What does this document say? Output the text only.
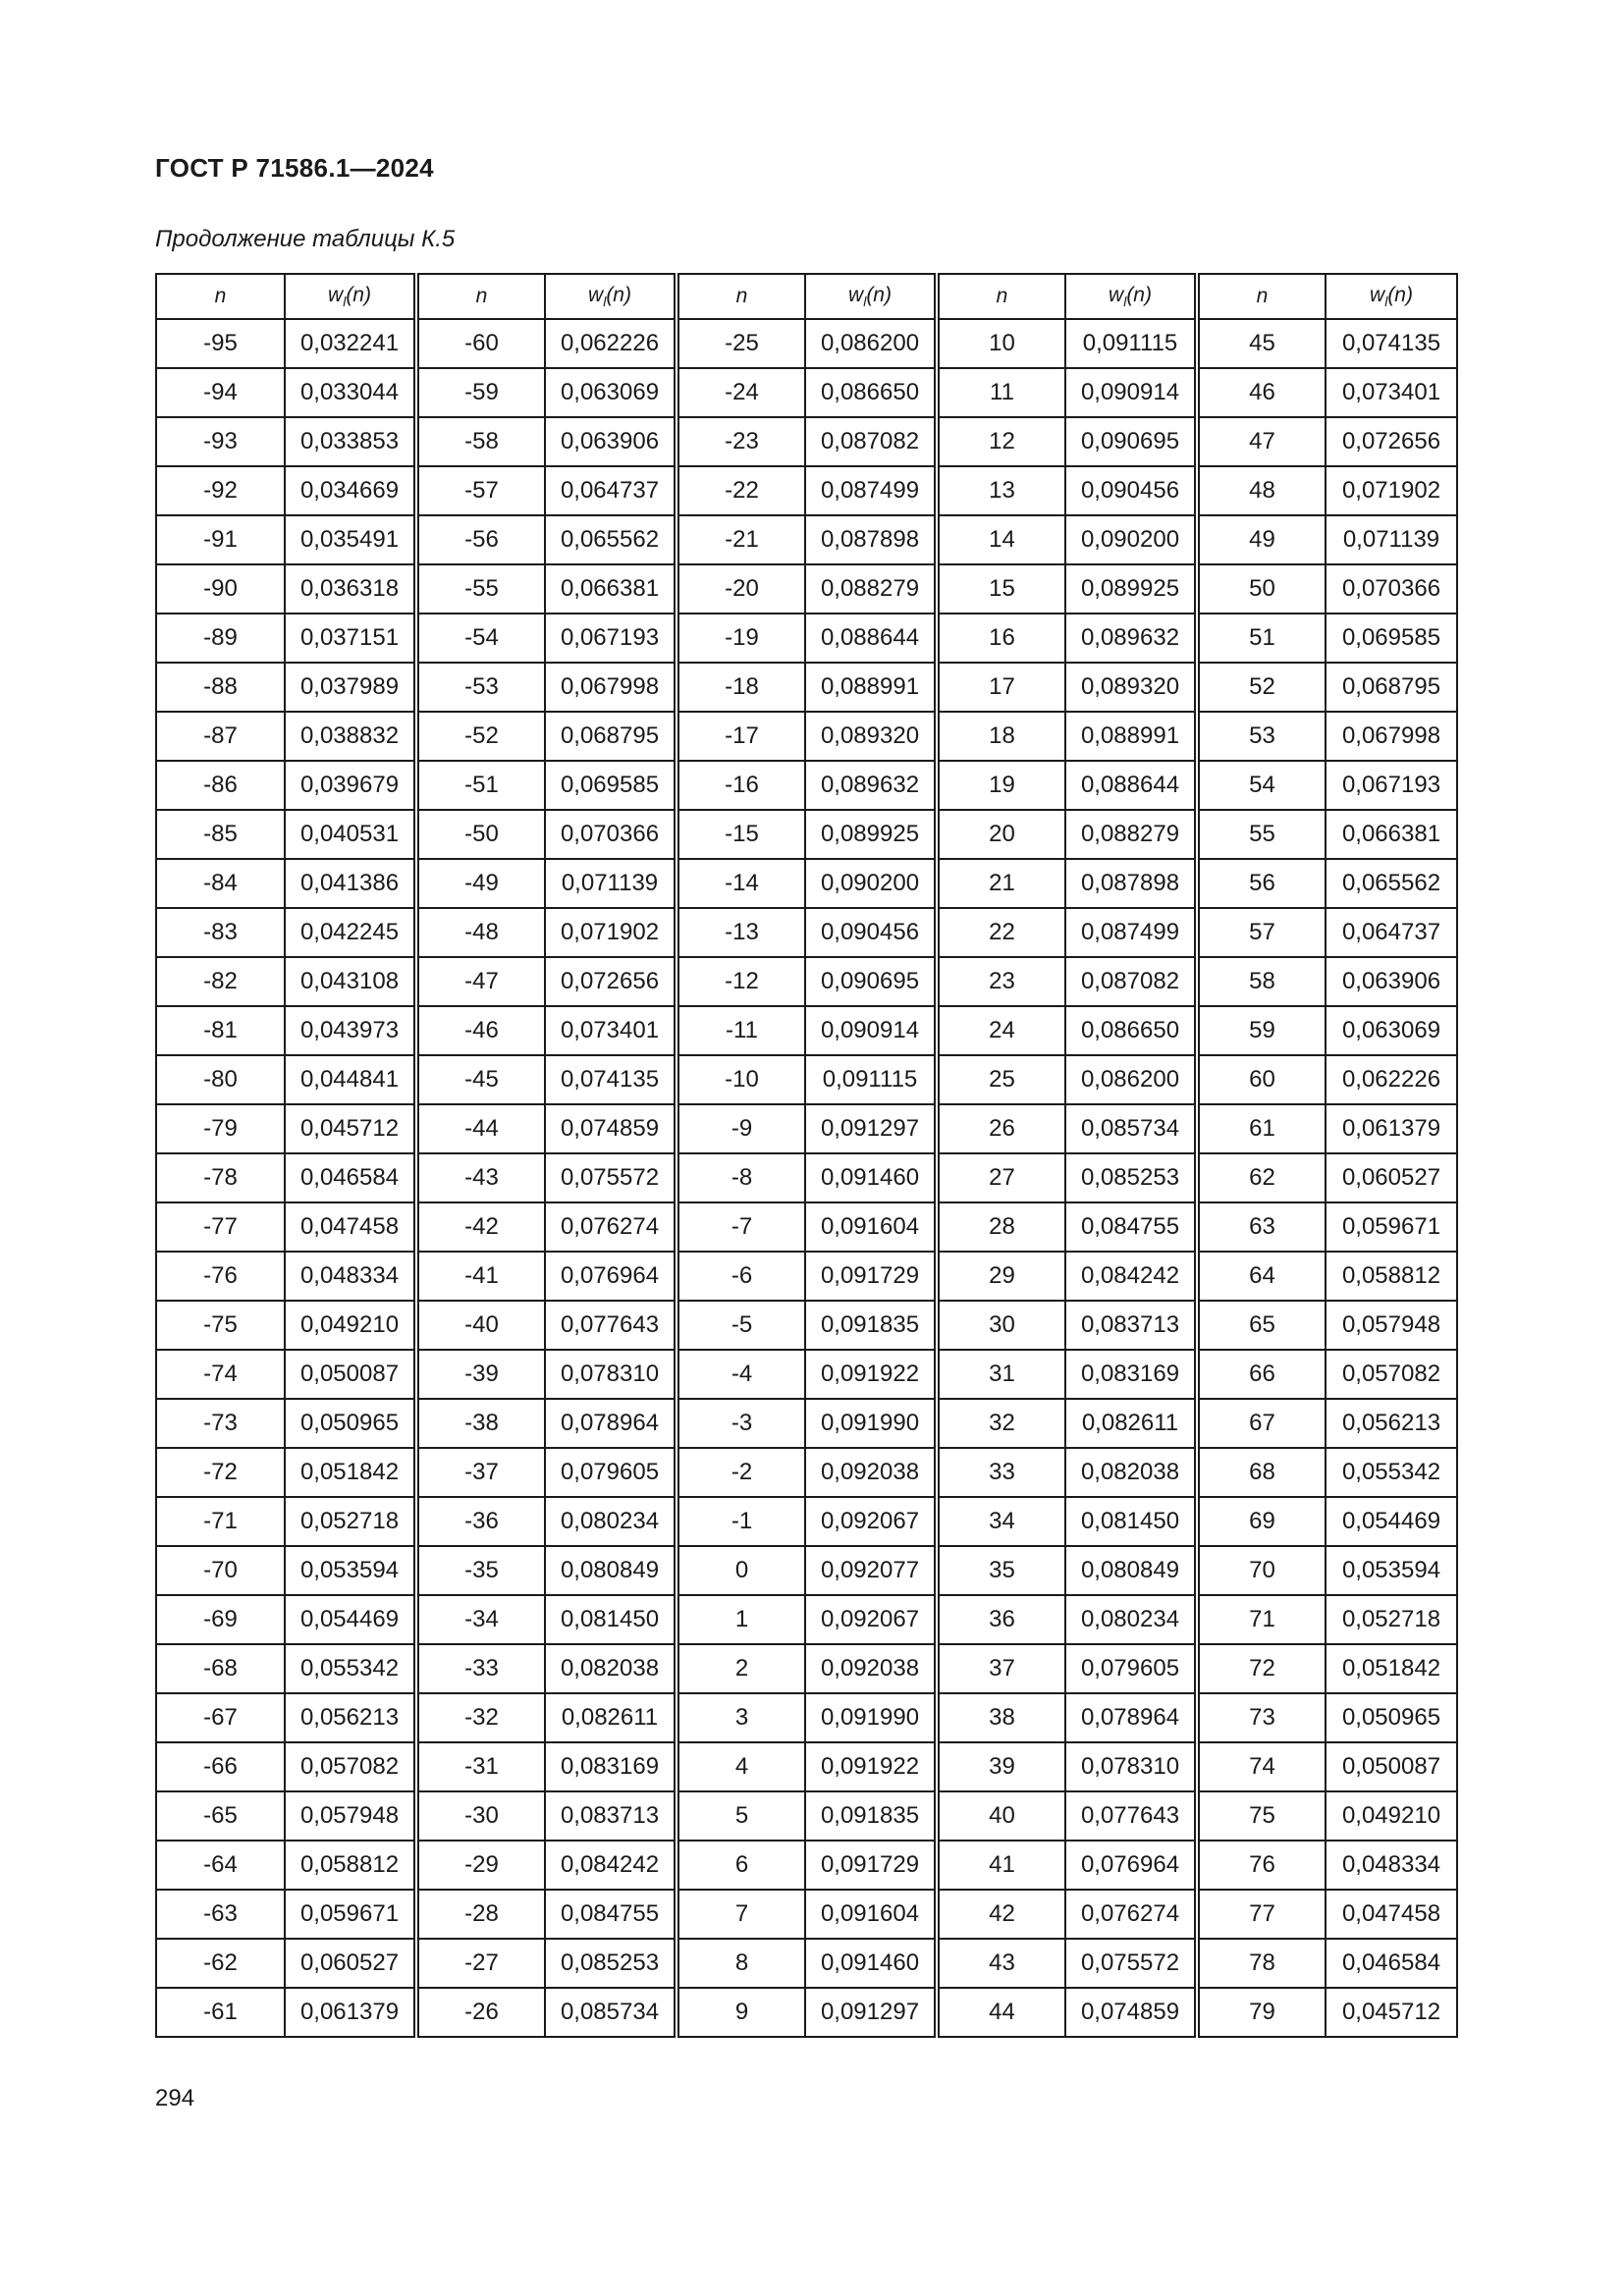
ГОСТ Р 71586.1—2024
Продолжение таблицы К.5
n	$w_l(n)$	n	$w_l(n)$	n	$w_l(n)$	n	$w_l(n)$	n	$w_l(n)$
-95	0,032241	-60	0,062226	-25	0,086200	10	0,091115	45	0,074135
-94	0,033044	-59	0,063069	-24	0,086650	11	0,090914	46	0,073401
-93	0,033853	-58	0,063906	-23	0,087082	12	0,090695	47	0,072656
-92	0,034669	-57	0,064737	-22	0,087499	13	0,090456	48	0,071902
-91	0,035491	-56	0,065562	-21	0,087898	14	0,090200	49	0,071139
-90	0,036318	-55	0,066381	-20	0,088279	15	0,089925	50	0,070366
-89	0,037151	-54	0,067193	-19	0,088644	16	0,089632	51	0,069585
-88	0,037989	-53	0,067998	-18	0,088991	17	0,089320	52	0,068795
-87	0,038832	-52	0,068795	-17	0,089320	18	0,088991	53	0,067998
-86	0,039679	-51	0,069585	-16	0,089632	19	0,088644	54	0,067193
-85	0,040531	-50	0,070366	-15	0,089925	20	0,088279	55	0,066381
-84	0,041386	-49	0,071139	-14	0,090200	21	0,087898	56	0,065562
-83	0,042245	-48	0,071902	-13	0,090456	22	0,087499	57	0,064737
-82	0,043108	-47	0,072656	-12	0,090695	23	0,087082	58	0,063906
-81	0,043973	-46	0,073401	-11	0,090914	24	0,086650	59	0,063069
-80	0,044841	-45	0,074135	-10	0,091115	25	0,086200	60	0,062226
-79	0,045712	-44	0,074859	-9	0,091297	26	0,085734	61	0,061379
-78	0,046584	-43	0,075572	-8	0,091460	27	0,085253	62	0,060527
-77	0,047458	-42	0,076274	-7	0,091604	28	0,084755	63	0,059671
-76	0,048334	-41	0,076964	-6	0,091729	29	0,084242	64	0,058812
-75	0,049210	-40	0,077643	-5	0,091835	30	0,083713	65	0,057948
-74	0,050087	-39	0,078310	-4	0,091922	31	0,083169	66	0,057082
-73	0,050965	-38	0,078964	-3	0,091990	32	0,082611	67	0,056213
-72	0,051842	-37	0,079605	-2	0,092038	33	0,082038	68	0,055342
-71	0,052718	-36	0,080234	-1	0,092067	34	0,081450	69	0,054469
-70	0,053594	-35	0,080849	0	0,092077	35	0,080849	70	0,053594
-69	0,054469	-34	0,081450	1	0,092067	36	0,080234	71	0,052718
-68	0,055342	-33	0,082038	2	0,092038	37	0,079605	72	0,051842
-67	0,056213	-32	0,082611	3	0,091990	38	0,078964	73	0,050965
-66	0,057082	-31	0,083169	4	0,091922	39	0,078310	74	0,050087
-65	0,057948	-30	0,083713	5	0,091835	40	0,077643	75	0,049210
-64	0,058812	-29	0,084242	6	0,091729	41	0,076964	76	0,048334
-63	0,059671	-28	0,084755	7	0,091604	42	0,076274	77	0,047458
-62	0,060527	-27	0,085253	8	0,091460	43	0,075572	78	0,046584
-61	0,061379	-26	0,085734	9	0,091297	44	0,074859	79	0,045712
294
